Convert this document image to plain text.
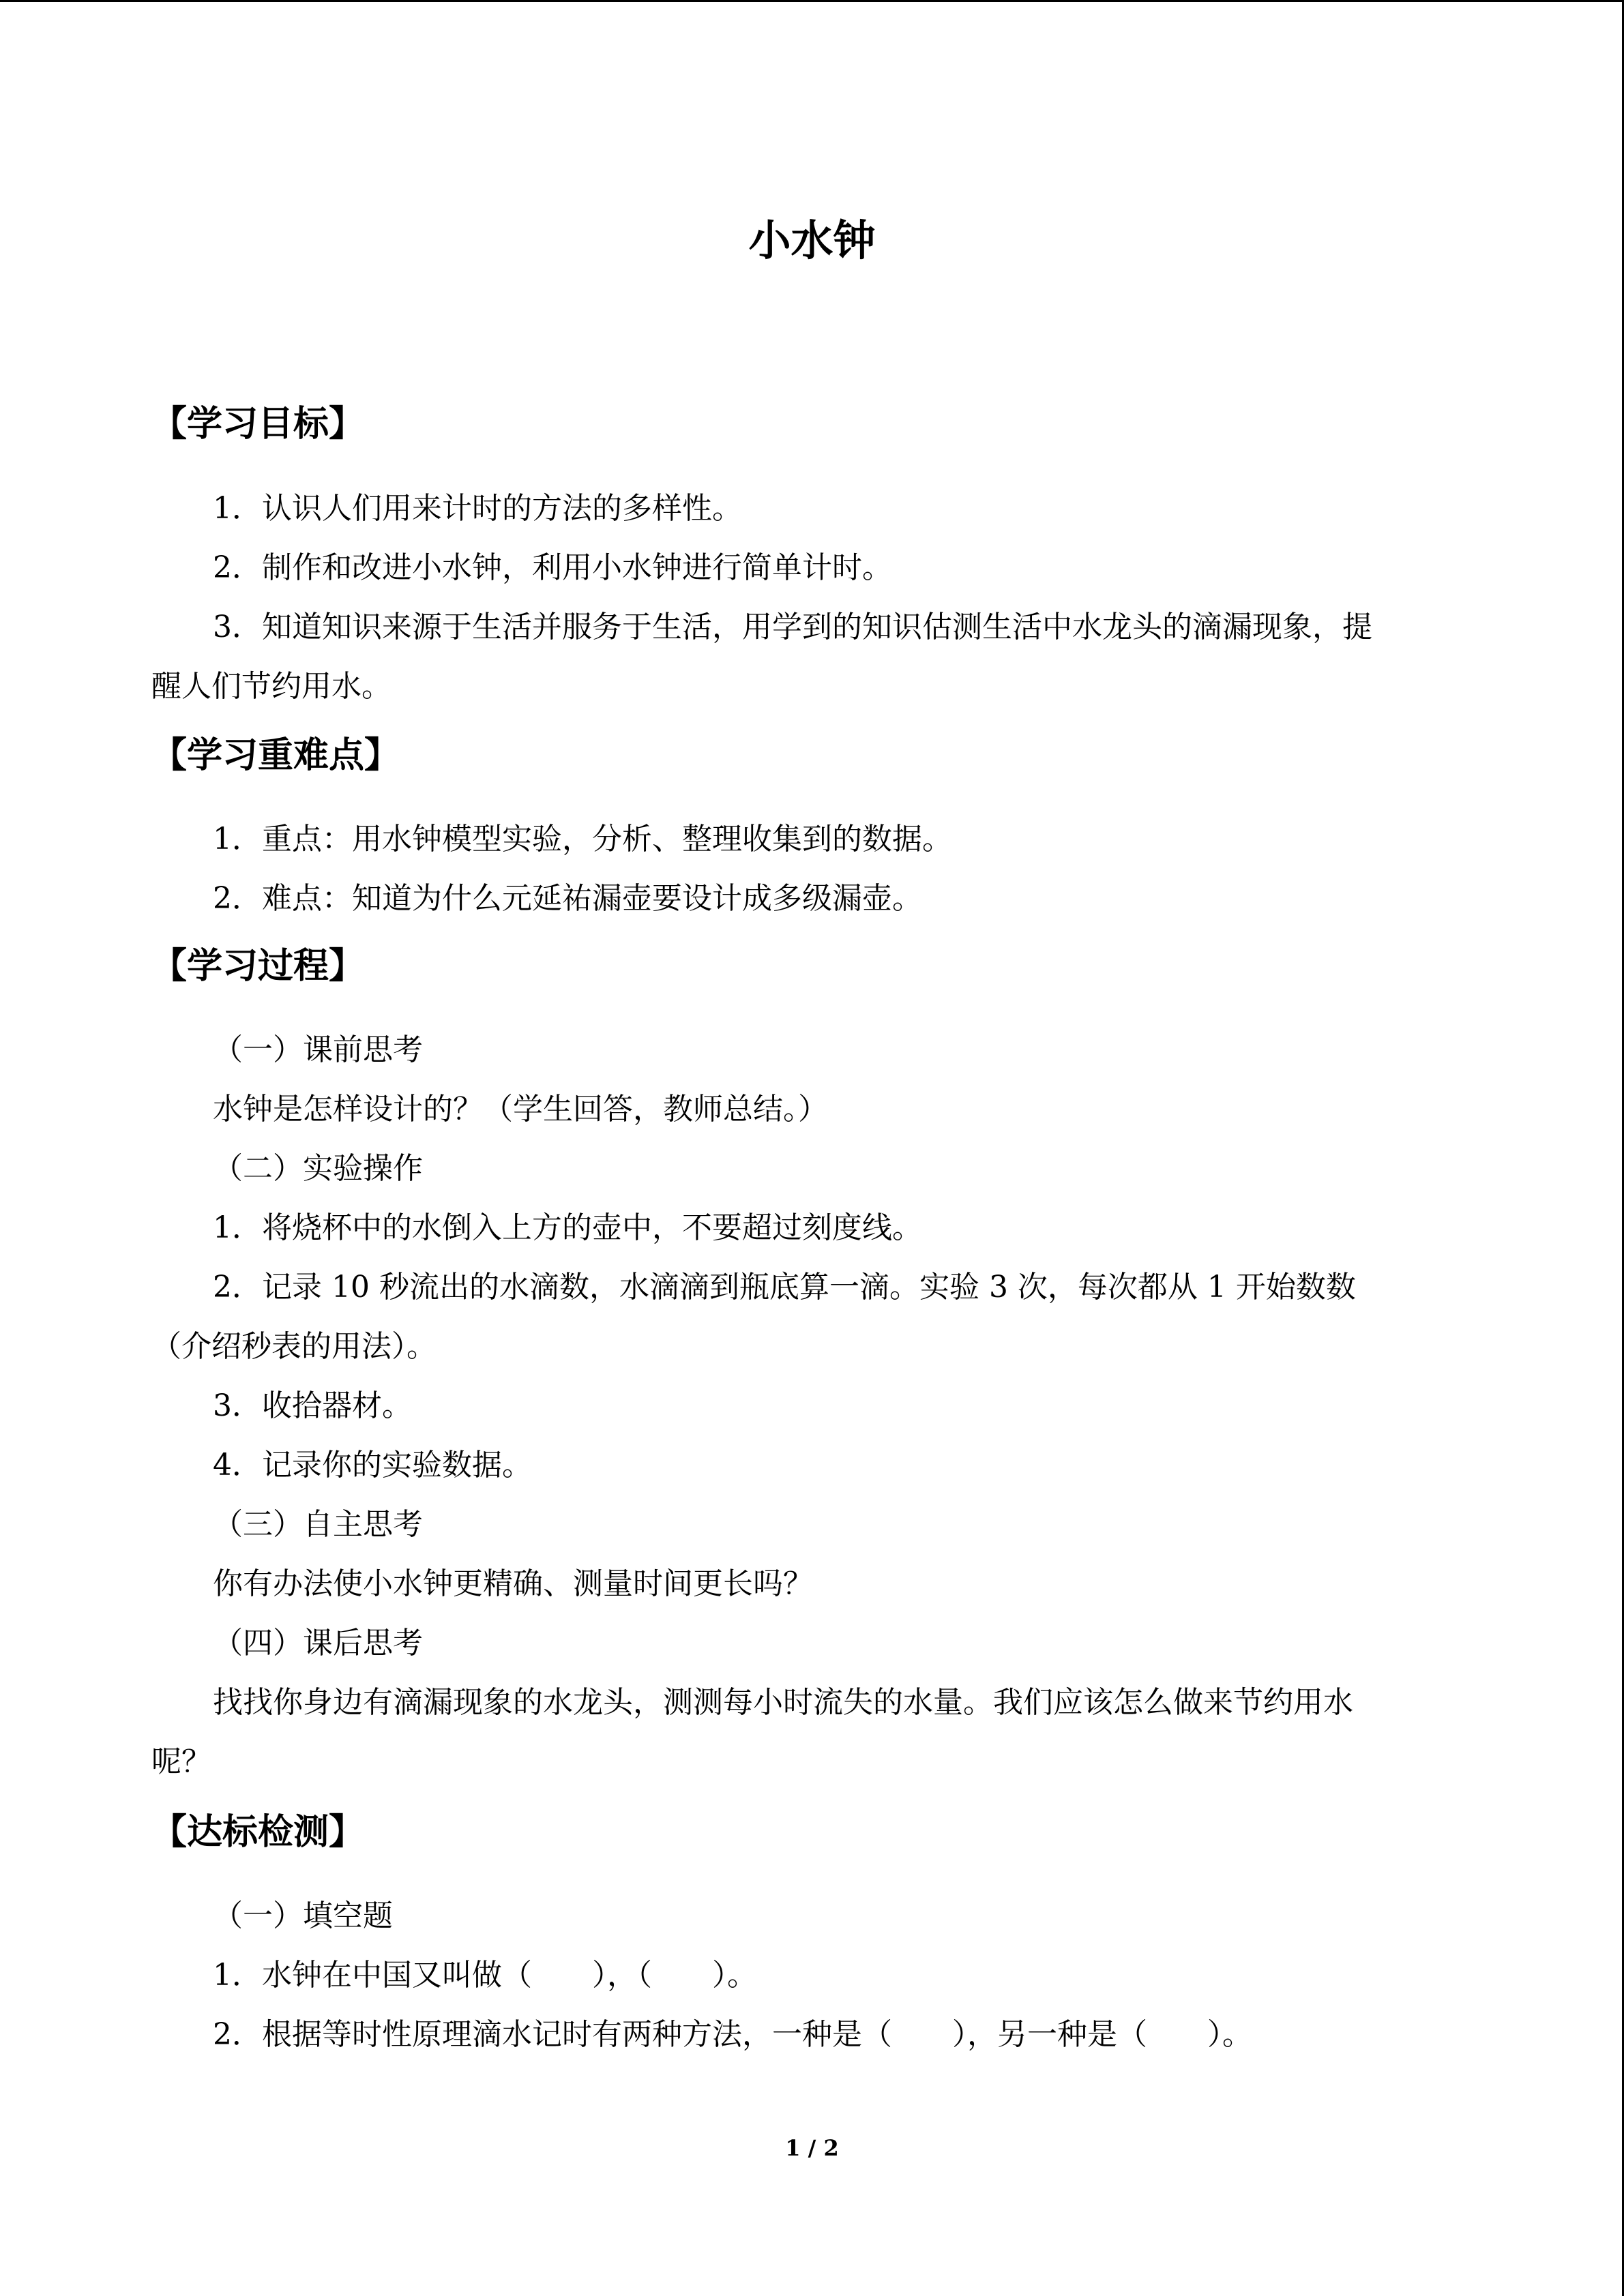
小水钟
【学习目标】
1．认识人们用来计时的方法的多样性。
2．制作和改进小水钟，利用小水钟进行简单计时。
3．知道知识来源于生活并服务于生活，用学到的知识估测生活中水龙头的滴漏现象，提
醒人们节约用水。
【学习重难点】
1．重点：用水钟模型实验，分析、整理收集到的数据。
2．难点：知道为什么元延祐漏壶要设计成多级漏壶。
【学习过程】
（一）课前思考
水钟是怎样设计的？（学生回答，教师总结。）
（二）实验操作
1．将烧杯中的水倒入上方的壶中，不要超过刻度线。
2．记录 10 秒流出的水滴数，水滴滴到瓶底算一滴。实验 3 次，每次都从 1 开始数数
（介绍秒表的用法）。
3．收拾器材。
4．记录你的实验数据。
（三）自主思考
你有办法使小水钟更精确、测量时间更长吗？
（四）课后思考
找找你身边有滴漏现象的水龙头，测测每小时流失的水量。我们应该怎么做来节约用水
呢？
【达标检测】
（一）填空题
1．水钟在中国又叫做（　　），（　　）。
2．根据等时性原理滴水记时有两种方法，一种是（　　），另一种是（　　）。
1 / 2
